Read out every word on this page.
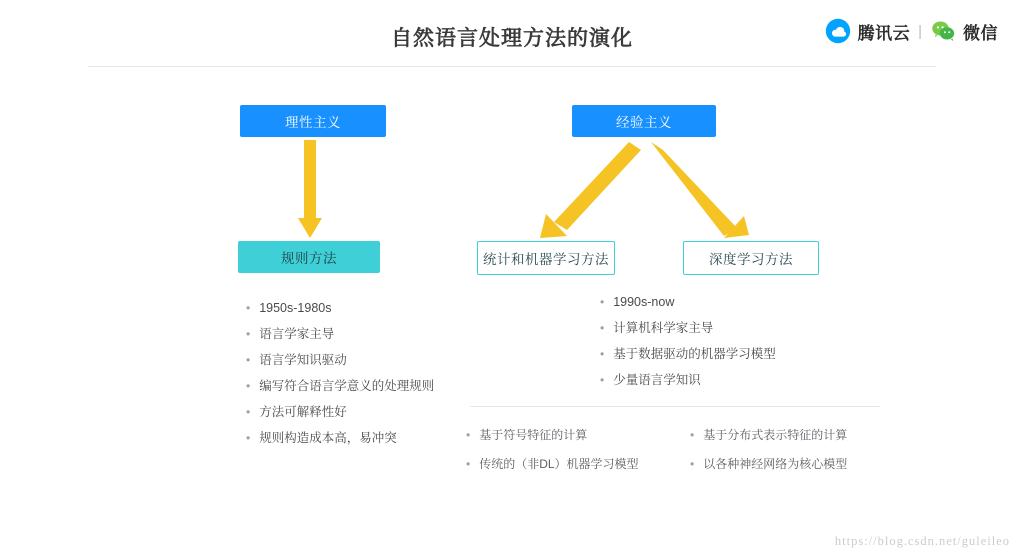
自然语言处理方法的演化	腾讯云 | 微信
理性主义	经验主义
规则方法	统计和机器学习方法	深度学习方法
• 1950s-1980s
• 语言学家主导
• 语言学知识驱动
• 编写符合语言学意义的处理规则
• 方法可解释性好
• 规则构造成本高，易冲突
• 1990s-now
• 计算机科学家主导
• 基于数据驱动的机器学习模型
• 少量语言学知识
• 基于符号特征的计算
• 传统的（非DL）机器学习模型
• 基于分布式表示特征的计算
• 以各种神经网络为核心模型
https://blog.csdn.net/guleileo
